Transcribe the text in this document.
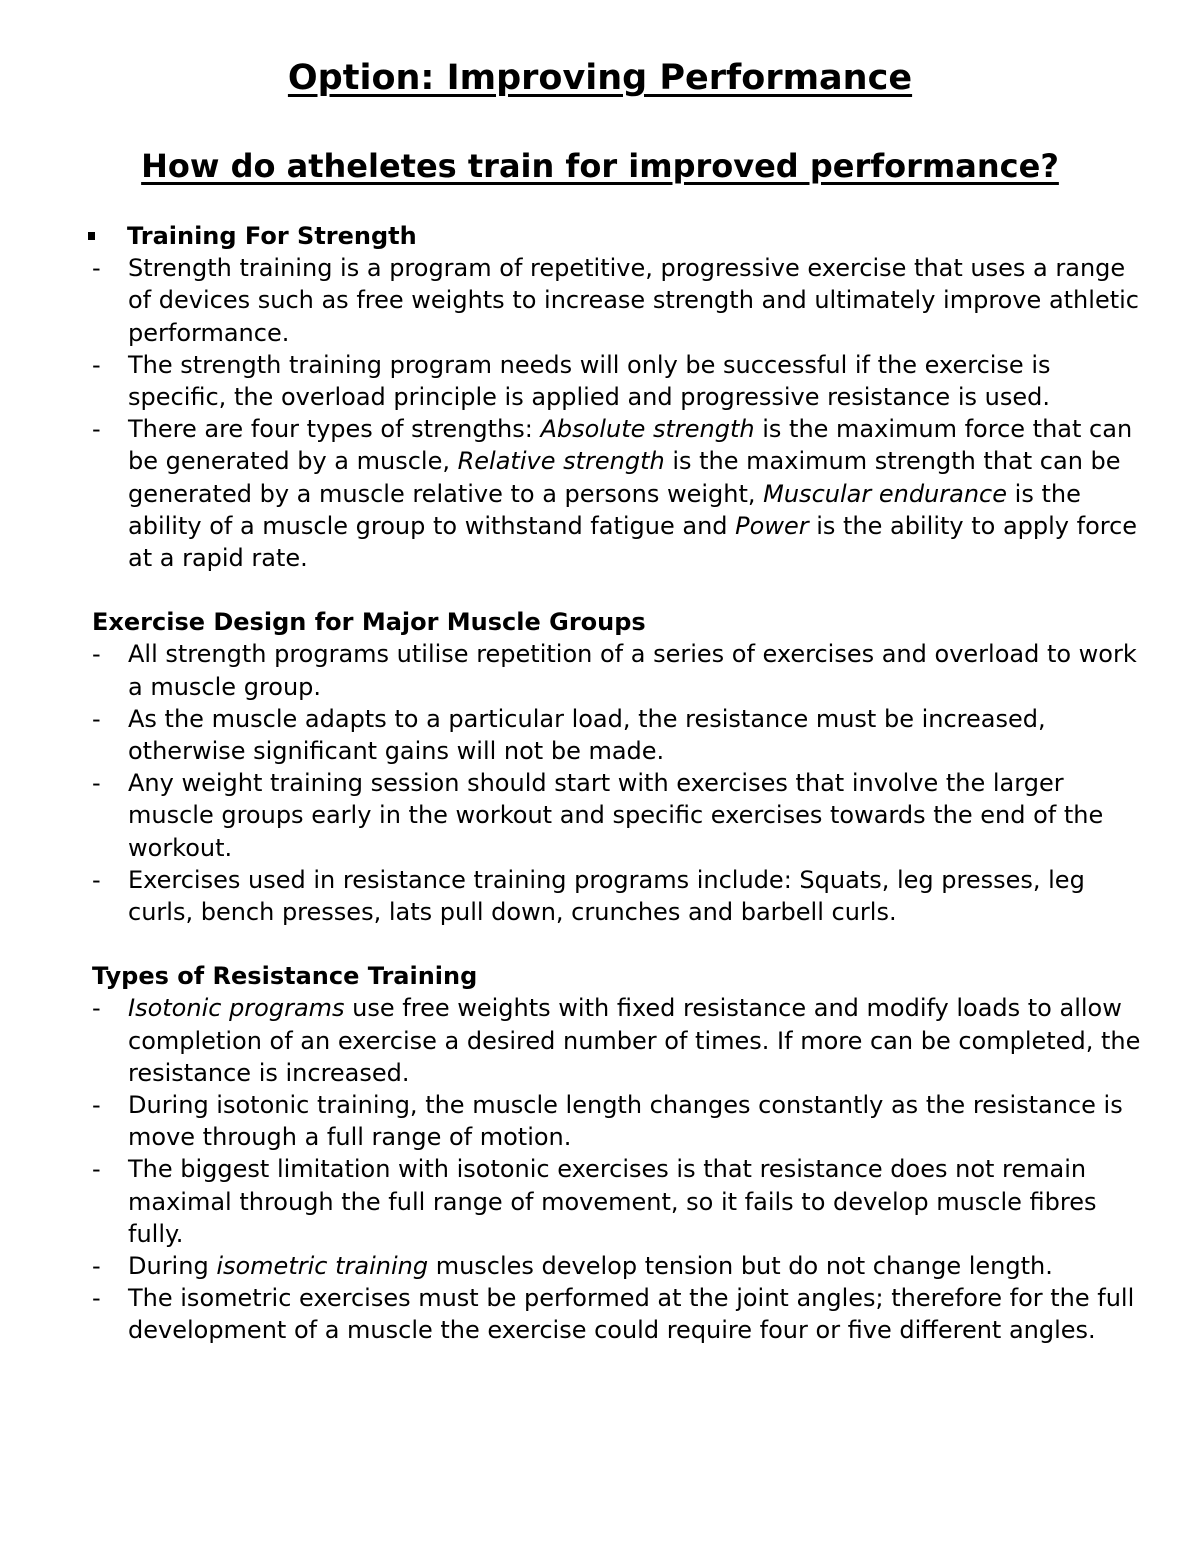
Option: Improving Performance
How do atheletes train for improved performance?
Training For Strength
- Strength training is a program of repetitive, progressive exercise that uses a range of devices such as free weights to increase strength and ultimately improve athletic performance.
- The strength training program needs will only be successful if the exercise is specific, the overload principle is applied and progressive resistance is used.
- There are four types of strengths: Absolute strength is the maximum force that can be generated by a muscle, Relative strength is the maximum strength that can be generated by a muscle relative to a persons weight, Muscular endurance is the ability of a muscle group to withstand fatigue and Power is the ability to apply force at a rapid rate.
Exercise Design for Major Muscle Groups
- All strength programs utilise repetition of a series of exercises and overload to work a muscle group.
- As the muscle adapts to a particular load, the resistance must be increased, otherwise significant gains will not be made.
- Any weight training session should start with exercises that involve the larger muscle groups early in the workout and specific exercises towards the end of the workout.
- Exercises used in resistance training programs include: Squats, leg presses, leg curls, bench presses, lats pull down, crunches and barbell curls.
Types of Resistance Training
- Isotonic programs use free weights with fixed resistance and modify loads to allow completion of an exercise a desired number of times. If more can be completed, the resistance is increased.
- During isotonic training, the muscle length changes constantly as the resistance is move through a full range of motion.
- The biggest limitation with isotonic exercises is that resistance does not remain maximal through the full range of movement, so it fails to develop muscle fibres fully.
- During isometric training muscles develop tension but do not change length.
- The isometric exercises must be performed at the joint angles; therefore for the full development of a muscle the exercise could require four or five different angles.
